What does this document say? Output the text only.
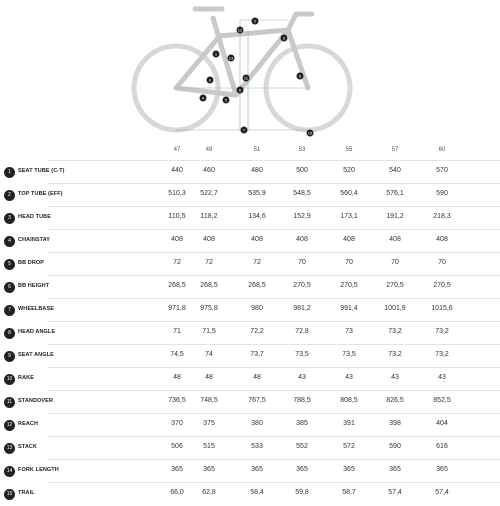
2
12
13
11
1
9
4	5
6
7
8
3
15
47	49	51	53	55	57	60
1	SEAT TUBE (C-T)	440	460	480	500	520	540	570
2	TOP TUBE (EFF)	510,3	522,7	535,9	548,5	560,4	576,1	590
3	HEAD TUBE	110,5	118,2	134,6	152,9	173,1	191,2	218,3
4	CHAINSTAY	408	408	408	408	408	408	408
5	BB DROP	72	72	72	70	70	70	70
6	BB HEIGHT	268,5	268,5	268,5	270,5	270,5	270,5	270,5
7	WHEELBASE	971,8	975,8	980	981,2	991,4	1001,9	1015,6
8	HEAD ANGLE	71	71,5	72,2	72,8	73	73,2	73,2
9	SEAT ANGLE	74,5	74	73,7	73,5	73,5	73,2	73,2
10	RAKE	48	48	48	43	43	43	43
11	STANDOVER	736,5	748,5	767,5	788,5	808,5	826,5	852,5
12	REACH	370	375	380	385	391	398	404
13	STACK	506	515	533	552	572	590	616
14	FORK LENGTH	365	365	365	365	365	365	365
15	TRAIL	66,0	62,8	58,4	59,8	58,7	57,4	57,4
